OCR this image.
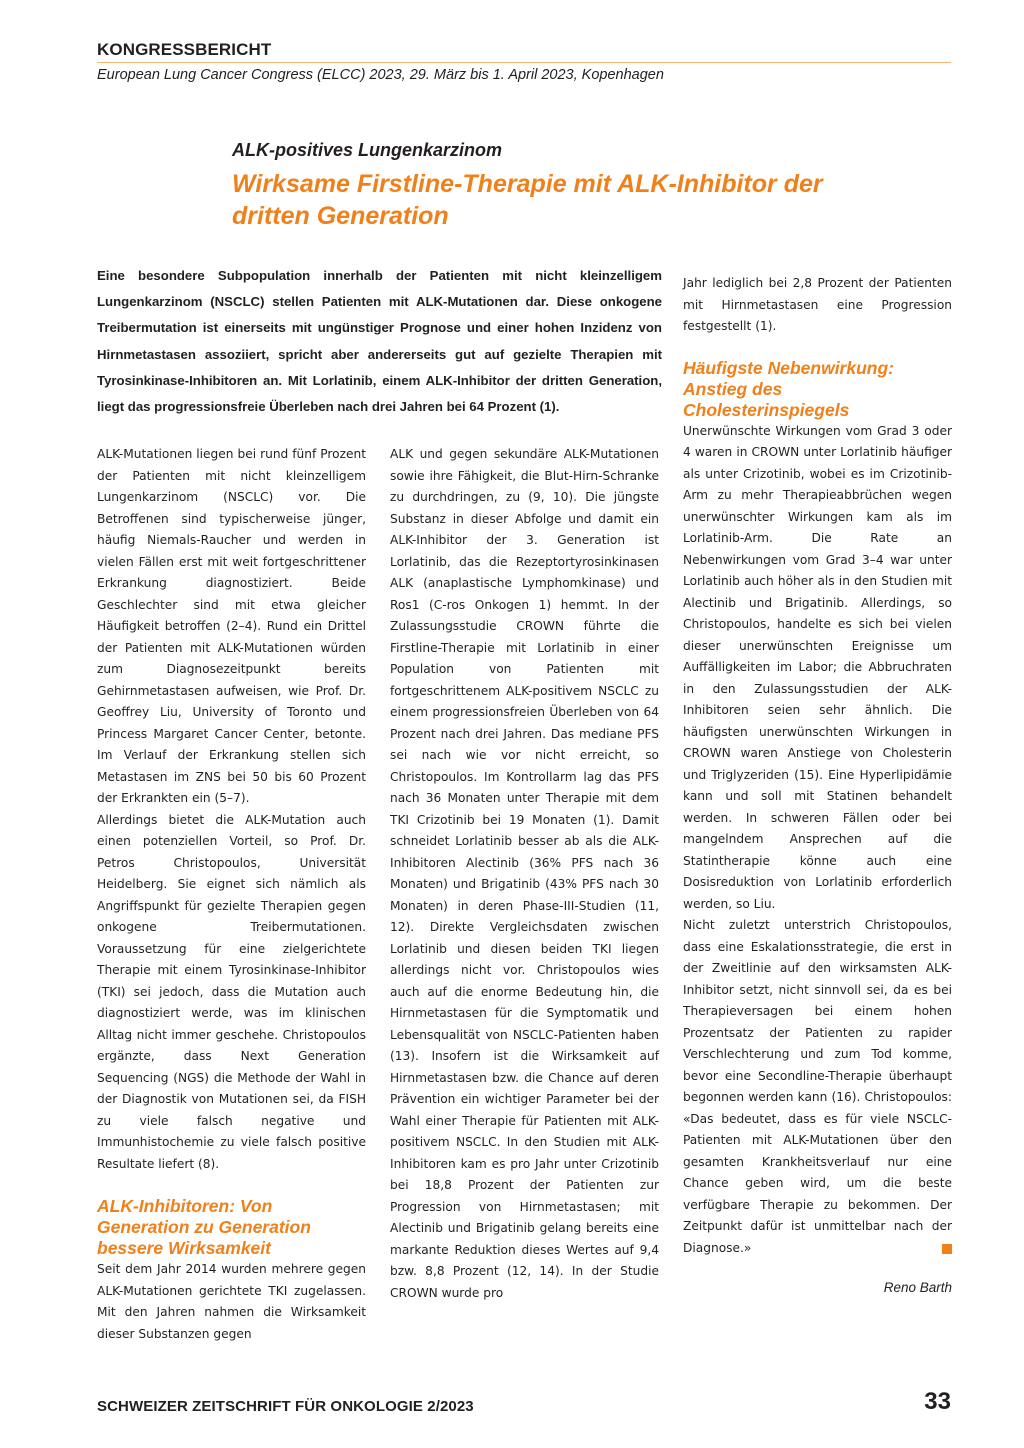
KONGRESSBERICHT
European Lung Cancer Congress (ELCC) 2023, 29. März bis 1. April 2023, Kopenhagen
ALK-positives Lungenkarzinom
Wirksame Firstline-Therapie mit ALK-Inhibitor der dritten Generation
Eine besondere Subpopulation innerhalb der Patienten mit nicht kleinzelligem Lungenkarzinom (NSCLC) stellen Patienten mit ALK-Mutationen dar. Diese onkogene Treibermutation ist einerseits mit ungünstiger Prognose und einer hohen Inzidenz von Hirnmetastasen assoziiert, spricht aber andererseits gut auf gezielte Therapien mit Tyrosinkinase-Inhibitoren an. Mit Lorlatinib, einem ALK-Inhibitor der dritten Generation, liegt das progressionsfreie Überleben nach drei Jahren bei 64 Prozent (1).

ALK-Mutationen liegen bei rund fünf Prozent der Patienten mit nicht kleinzelligem Lungenkarzinom (NSCLC) vor. Die Betroffenen sind typischerweise jünger, häufig Niemals-Raucher und werden in vielen Fällen erst mit weit fortgeschrittener Erkrankung diagnostiziert. Beide Geschlechter sind mit etwa gleicher Häufigkeit betroffen (2–4). Rund ein Drittel der Patienten mit ALK-Mutationen würden zum Diagnosezeitpunkt bereits Gehirnmetastasen aufweisen, wie Prof. Dr. Geoffrey Liu, University of Toronto und Princess Margaret Cancer Center, betonte. Im Verlauf der Erkrankung stellen sich Metastasen im ZNS bei 50 bis 60 Prozent der Erkrankten ein (5–7).

Allerdings bietet die ALK-Mutation auch einen potenziellen Vorteil, so Prof. Dr. Petros Christopoulos, Universität Heidelberg. Sie eignet sich nämlich als Angriffspunkt für gezielte Therapien gegen onkogene Treibermutationen. Voraussetzung für eine zielgerichtete Therapie mit einem Tyrosinkinase-Inhibitor (TKI) sei jedoch, dass die Mutation auch diagnostiziert werde, was im klinischen Alltag nicht immer geschehe. Christopoulos ergänzte, dass Next Generation Sequencing (NGS) die Methode der Wahl in der Diagnostik von Mutationen sei, da FISH zu viele falsch negative und Immunhistochemie zu viele falsch positive Resultate liefert (8).

ALK-Inhibitoren: Von Generation zu Generation bessere Wirksamkeit

Seit dem Jahr 2014 wurden mehrere gegen ALK-Mutationen gerichtete TKI zugelassen. Mit den Jahren nahmen die Wirksamkeit dieser Substanzen gegen

ALK und gegen sekundäre ALK-Mutationen sowie ihre Fähigkeit, die Blut-Hirn-Schranke zu durchdringen, zu (9, 10). Die jüngste Substanz in dieser Abfolge und damit ein ALK-Inhibitor der 3. Generation ist Lorlatinib, das die Rezeptortyrosinkinasen ALK (anaplastische Lymphomkinase) und Ros1 (C-ros Onkogen 1) hemmt. In der Zulassungsstudie CROWN führte die Firstline-Therapie mit Lorlatinib in einer Population von Patienten mit fortgeschrittenem ALK-positivem NSCLC zu einem progressionsfreien Überleben von 64 Prozent nach drei Jahren. Das mediane PFS sei nach wie vor nicht erreicht, so Christopoulos. Im Kontrollarm lag das PFS nach 36 Monaten unter Therapie mit dem TKI Crizotinib bei 19 Monaten (1). Damit schneidet Lorlatinib besser ab als die ALK-Inhibitoren Alectinib (36% PFS nach 36 Monaten) und Brigatinib (43% PFS nach 30 Monaten) in deren Phase-III-Studien (11, 12). Direkte Vergleichsdaten zwischen Lorlatinib und diesen beiden TKI liegen allerdings nicht vor. Christopoulos wies auch auf die enorme Bedeutung hin, die Hirnmetastasen für die Symptomatik und Lebensqualität von NSCLC-Patienten haben (13). Insofern ist die Wirksamkeit auf Hirnmetastasen bzw. die Chance auf deren Prävention ein wichtiger Parameter bei der Wahl einer Therapie für Patienten mit ALK-positivem NSCLC. In den Studien mit ALK-Inhibitoren kam es pro Jahr unter Crizotinib bei 18,8 Prozent der Patienten zur Progression von Hirnmetastasen; mit Alectinib und Brigatinib gelang bereits eine markante Reduktion dieses Wertes auf 9,4 bzw. 8,8 Prozent (12, 14). In der Studie CROWN wurde pro

Jahr lediglich bei 2,8 Prozent der Patienten mit Hirnmetastasen eine Progression festgestellt (1).

Häufigste Nebenwirkung: Anstieg des Cholesterinspiegels

Unerwünschte Wirkungen vom Grad 3 oder 4 waren in CROWN unter Lorlatinib häufiger als unter Crizotinib, wobei es im Crizotinib-Arm zu mehr Therapieabbrüchen wegen unerwünschter Wirkungen kam als im Lorlatinib-Arm. Die Rate an Nebenwirkungen vom Grad 3–4 war unter Lorlatinib auch höher als in den Studien mit Alectinib und Brigatinib. Allerdings, so Christopoulos, handelte es sich bei vielen dieser unerwünschten Ereignisse um Auffälligkeiten im Labor; die Abbruchraten in den Zulassungsstudien der ALK-Inhibitoren seien sehr ähnlich. Die häufigsten unerwünschten Wirkungen in CROWN waren Anstiege von Cholesterin und Triglyzeriden (15). Eine Hyperlipidämie kann und soll mit Statinen behandelt werden. In schweren Fällen oder bei mangelndem Ansprechen auf die Statintherapie könne auch eine Dosisreduktion von Lorlatinib erforderlich werden, so Liu.

Nicht zuletzt unterstrich Christopoulos, dass eine Eskalationsstrategie, die erst in der Zweitlinie auf den wirksamsten ALK-Inhibitor setzt, nicht sinnvoll sei, da es bei Therapieversagen bei einem hohen Prozentsatz der Patienten zu rapider Verschlechterung und zum Tod komme, bevor eine Secondline-Therapie überhaupt begonnen werden kann (16). Christopoulos: «Das bedeutet, dass es für viele NSCLC-Patienten mit ALK-Mutationen über den gesamten Krankheitsverlauf nur eine Chance geben wird, um die beste verfügbare Therapie zu bekommen. Der Zeitpunkt dafür ist unmittelbar nach der Diagnose.»

Reno Barth
SCHWEIZER ZEITSCHRIFT FÜR ONKOLOGIE 2/2023	33
